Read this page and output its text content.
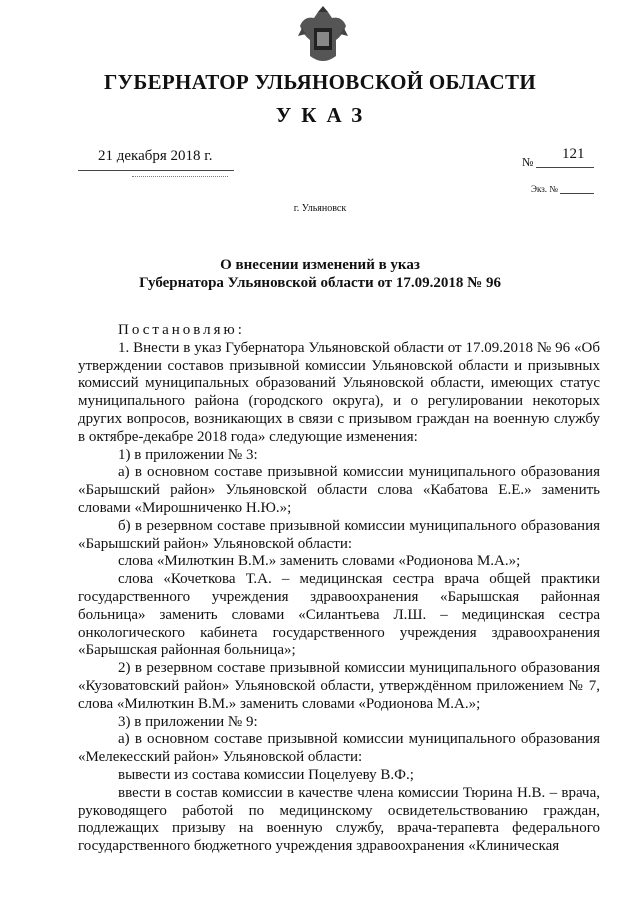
ГУБЕРНАТОР УЛЬЯНОВСКОЙ ОБЛАСТИ
УКАЗ
21 декабря 2018 г.	№ 121
Экз. №
г. Ульяновск
О внесении изменений в указ
Губернатора Ульяновской области от 17.09.2018 № 96

Постановляю:

1. Внести в указ Губернатора Ульяновской области от 17.09.2018 № 96 «Об утверждении составов призывной комиссии Ульяновской области и призывных комиссий муниципальных образований Ульяновской области, имеющих статус муниципального района (городского округа), и о регулировании некоторых других вопросов, возникающих в связи с призывом граждан на военную службу в октябре-декабре 2018 года» следующие изменения:

1) в приложении № 3:

а) в основном составе призывной комиссии муниципального образования «Барышский район» Ульяновской области слова «Кабатова Е.Е.» заменить словами «Мирошниченко Н.Ю.»;

б) в резервном составе призывной комиссии муниципального образования «Барышский район» Ульяновской области:

слова «Милюткин В.М.» заменить словами «Родионова М.А.»;

слова «Кочеткова Т.А. – медицинская сестра врача общей практики государственного учреждения здравоохранения «Барышская районная больница» заменить словами «Силантьева Л.Ш. – медицинская сестра онкологического кабинета государственного учреждения здравоохранения «Барышская районная больница»;

2) в резервном составе призывной комиссии муниципального образования «Кузоватовский район» Ульяновской области, утверждённом приложением № 7, слова «Милюткин В.М.» заменить словами «Родионова М.А.»;

3) в приложении № 9:

а) в основном составе призывной комиссии муниципального образования «Мелекесский район» Ульяновской области:

вывести из состава комиссии Поцелуеву В.Ф.;

ввести в состав комиссии в качестве члена комиссии Тюрина Н.В. – врача, руководящего работой по медицинскому освидетельствованию граждан, подлежащих призыву на военную службу, врача-терапевта федерального государственного бюджетного учреждения здравоохранения «Клиническая
